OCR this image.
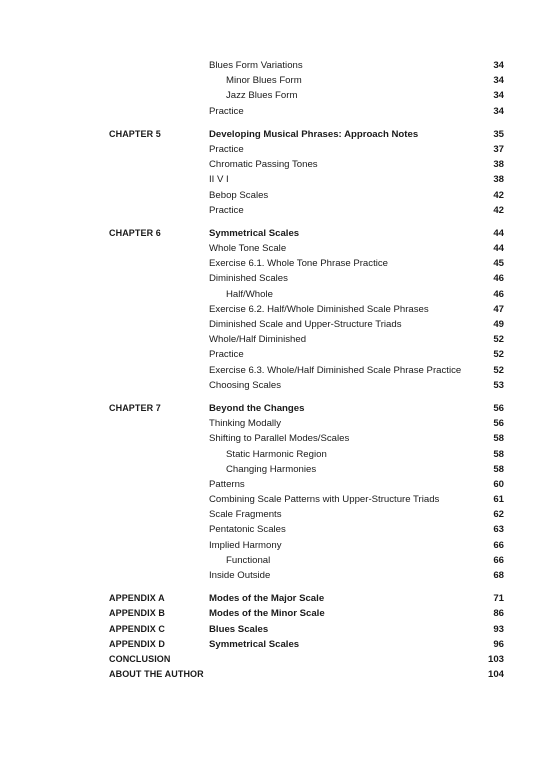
Blues Form Variations	34
Minor Blues Form	34
Jazz Blues Form	34
Practice	34
CHAPTER 5	Developing Musical Phrases: Approach Notes	35
Practice	37
Chromatic Passing Tones	38
II V I	38
Bebop Scales	42
Practice	42
CHAPTER 6	Symmetrical Scales	44
Whole Tone Scale	44
Exercise 6.1. Whole Tone Phrase Practice	45
Diminished Scales	46
Half/Whole	46
Exercise 6.2. Half/Whole Diminished Scale Phrases	47
Diminished Scale and Upper-Structure Triads	49
Whole/Half Diminished	52
Practice	52
Exercise 6.3. Whole/Half Diminished Scale Phrase Practice	52
Choosing Scales	53
CHAPTER 7	Beyond the Changes	56
Thinking Modally	56
Shifting to Parallel Modes/Scales	58
Static Harmonic Region	58
Changing Harmonies	58
Patterns	60
Combining Scale Patterns with Upper-Structure Triads	61
Scale Fragments	62
Pentatonic Scales	63
Implied Harmony	66
Functional	66
Inside Outside	68
APPENDIX A	Modes of the Major Scale	71
APPENDIX B	Modes of the Minor Scale	86
APPENDIX C	Blues Scales	93
APPENDIX D	Symmetrical Scales	96
CONCLUSION	103
ABOUT THE AUTHOR	104
